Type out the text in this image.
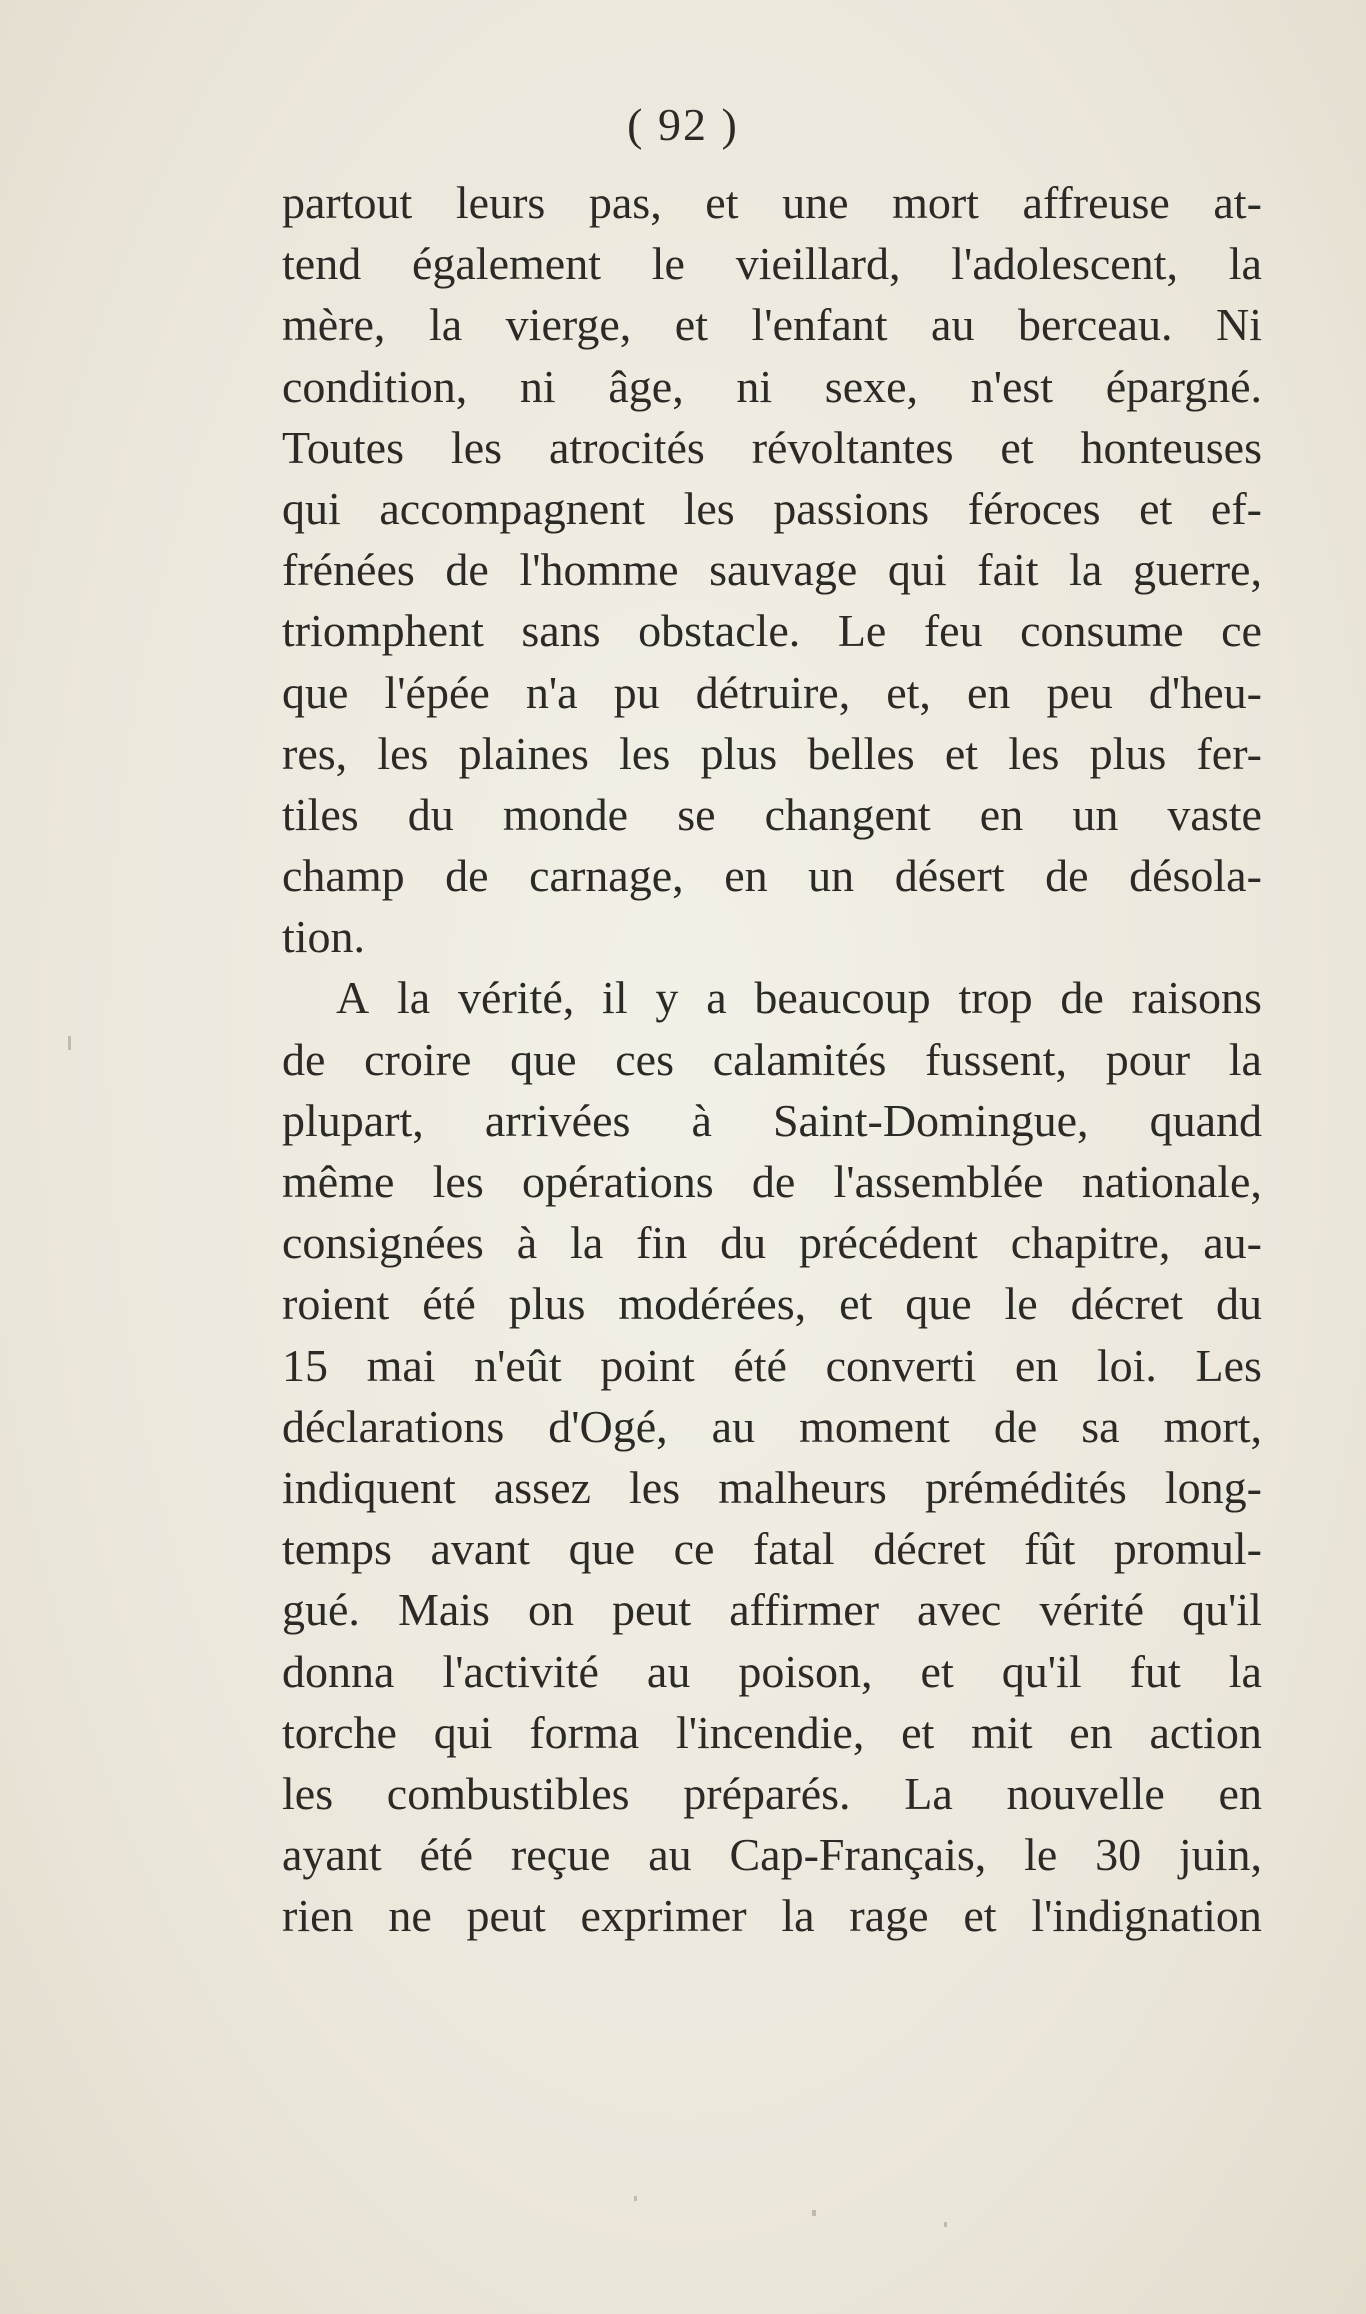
( 92 )
partout leurs pas, et une mort affreuse at-
tend également le vieillard, l'adolescent, la
mère, la vierge, et l'enfant au berceau. Ni
condition, ni âge, ni sexe, n'est épargné.
Toutes les atrocités révoltantes et honteuses
qui accompagnent les passions féroces et ef-
frénées de l'homme sauvage qui fait la guerre,
triomphent sans obstacle. Le feu consume ce
que l'épée n'a pu détruire, et, en peu d'heu-
res, les plaines les plus belles et les plus fer-
tiles du monde se changent en un vaste
champ de carnage, en un désert de désola-
tion.
A la vérité, il y a beaucoup trop de raisons
de croire que ces calamités fussent, pour la
plupart, arrivées à Saint-Domingue, quand
même les opérations de l'assemblée nationale,
consignées à la fin du précédent chapitre, au-
roient été plus modérées, et que le décret du
15 mai n'eût point été converti en loi. Les
déclarations d'Ogé, au moment de sa mort,
indiquent assez les malheurs prémédités long-
temps avant que ce fatal décret fût promul-
gué. Mais on peut affirmer avec vérité qu'il
donna l'activité au poison, et qu'il fut la
torche qui forma l'incendie, et mit en action
les combustibles préparés. La nouvelle en
ayant été reçue au Cap-Français, le 30 juin,
rien ne peut exprimer la rage et l'indignation
